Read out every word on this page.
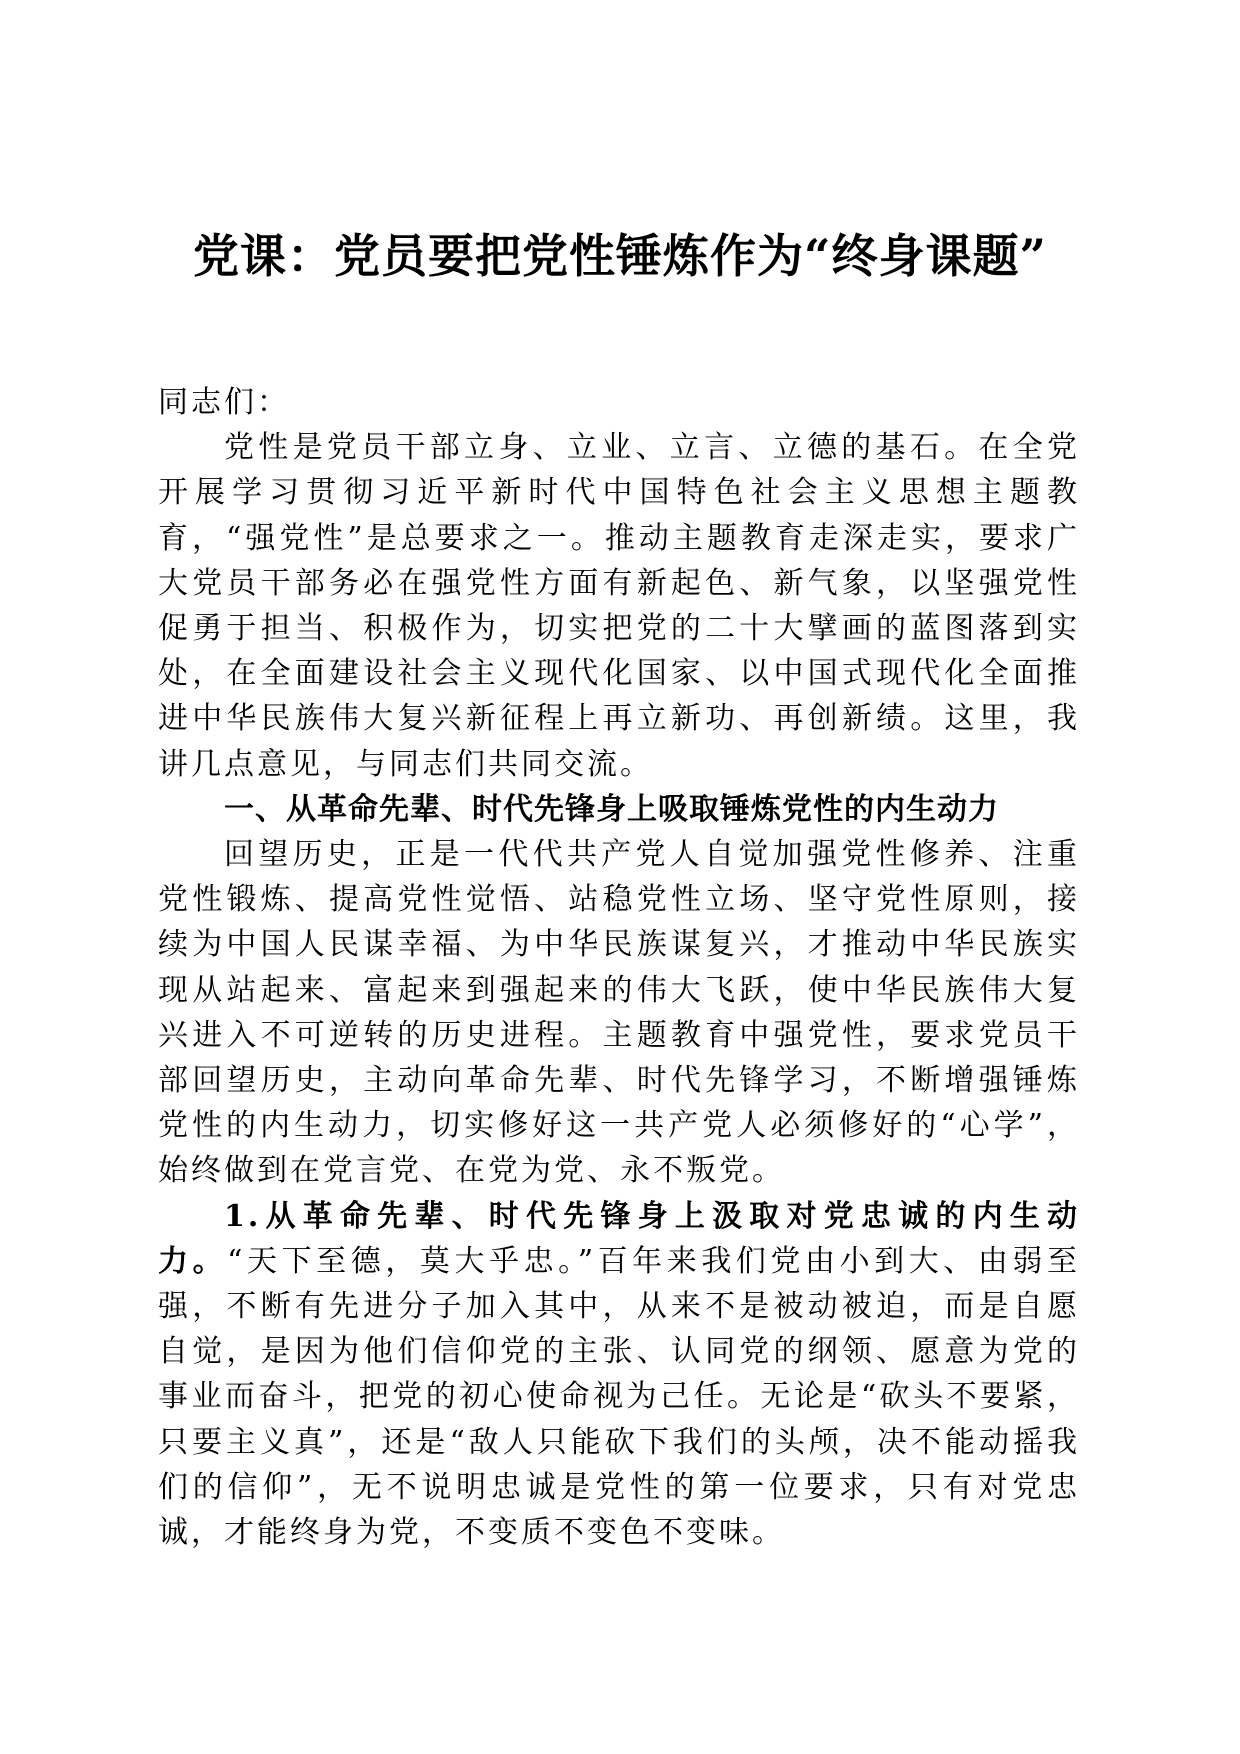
党课：党员要把党性锤炼作为“终身课题”

同志们：

党性是党员干部立身、立业、立言、立德的基石。在全党开展学习贯彻习近平新时代中国特色社会主义思想主题教育，“强党性”是总要求之一。推动主题教育走深走实，要求广大党员干部务必在强党性方面有新起色、新气象，以坚强党性促勇于担当、积极作为，切实把党的二十大擘画的蓝图落到实处，在全面建设社会主义现代化国家、以中国式现代化全面推进中华民族伟大复兴新征程上再立新功、再创新绩。这里，我讲几点意见，与同志们共同交流。

一、从革命先辈、时代先锋身上吸取锤炼党性的内生动力

回望历史，正是一代代共产党人自觉加强党性修养、注重党性锻炼、提高党性觉悟、站稳党性立场、坚守党性原则，接续为中国人民谋幸福、为中华民族谋复兴，才推动中华民族实现从站起来、富起来到强起来的伟大飞跃，使中华民族伟大复兴进入不可逆转的历史进程。主题教育中强党性，要求党员干部回望历史，主动向革命先辈、时代先锋学习，不断增强锤炼党性的内生动力，切实修好这一共产党人必须修好的“心学”，始终做到在党言党、在党为党、永不叛党。

1.从革命先辈、时代先锋身上汲取对党忠诚的内生动力。“天下至德，莫大乎忠。”百年来我们党由小到大、由弱至强，不断有先进分子加入其中，从来不是被动被迫，而是自愿自觉，是因为他们信仰党的主张、认同党的纲领、愿意为党的事业而奋斗，把党的初心使命视为己任。无论是“砍头不要紧，只要主义真”，还是“敌人只能砍下我们的头颅，决不能动摇我们的信仰”，无不说明忠诚是党性的第一位要求，只有对党忠诚，才能终身为党，不变质不变色不变味。
